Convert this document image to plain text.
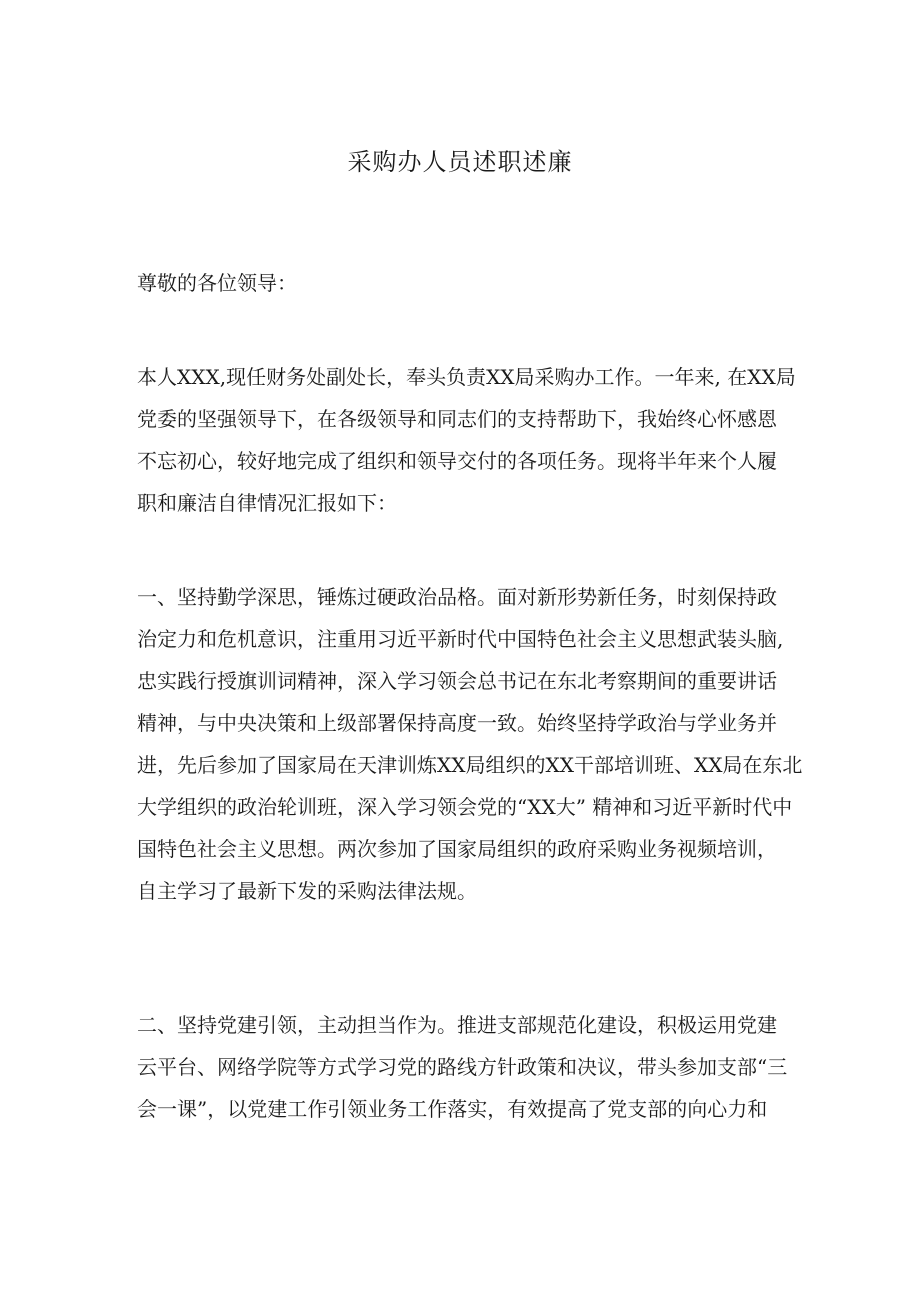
采购办人员述职述廉

尊敬的各位领导：

本人XXX,现任财务处副处长，奉头负责XX局采购办工作。一年来, 在XX局
党委的坚强领导下，在各级领导和同志们的支持帮助下，我始终心怀感恩
不忘初心，较好地完成了组织和领导交付的各项任务。现将半年来个人履
职和廉洁自律情况汇报如下：

一、坚持勤学深思，锤炼过硬政治品格。面对新形势新任务，时刻保持政
治定力和危机意识，注重用习近平新时代中国特色社会主义思想武装头脑,
忠实践行授旗训词精神，深入学习领会总书记在东北考察期间的重要讲话
精神，与中央决策和上级部署保持高度一致。始终坚持学政治与学业务并
进，先后参加了国家局在天津训炼XX局组织的XX干部培训班、XX局在东北
大学组织的政治轮训班，深入学习领会党的“XX大” 精神和习近平新时代中
国特色社会主义思想。两次参加了国家局组织的政府采购业务视频培训，
自主学习了最新下发的采购法律法规。

二、坚持党建引领，主动担当作为。推进支部规范化建设，积极运用党建
云平台、网络学院等方式学习党的路线方针政策和决议，带头参加支部“三
会一课”，以党建工作引领业务工作落实，有效提高了党支部的向心力和
